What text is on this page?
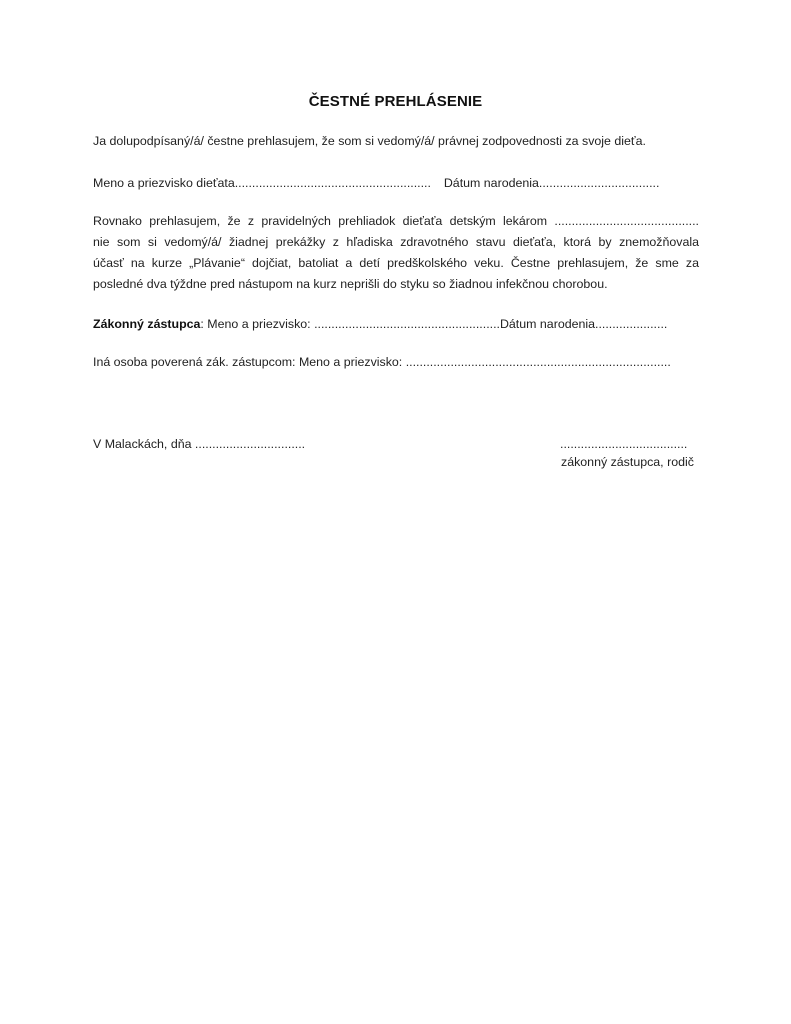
ČESTNÉ PREHLÁSENIE
Ja dolupodpísaný/á/ čestne prehlasujem, že som si vedomý/á/ právnej zodpovednosti za svoje dieťa.
Meno a priezvisko dieťata......................................................... Dátum narodenia...................................
Rovnako prehlasujem, že z pravidelných prehliadok dieťaťa detským lekárom ..........................................
nie som si vedomý/á/ žiadnej prekážky z hľadiska zdravotného stavu dieťaťa, ktorá by znemožňovala
účasť na kurze „Plávanie“ dojčiat, batoliat a detí predškolského veku. Čestne prehlasujem, že sme za
posledné dva týždne pred nástupom na kurz neprišli do styku so žiadnou infekčnou chorobou.
Zákonný zástupca: Meno a priezvisko: ......................................................Dátum narodenia.....................
Iná osoba poverená zák. zástupcom: Meno a priezvisko: .............................................................................
V Malackách, dňa ................................	.....................................
zákonný zástupca, rodič
